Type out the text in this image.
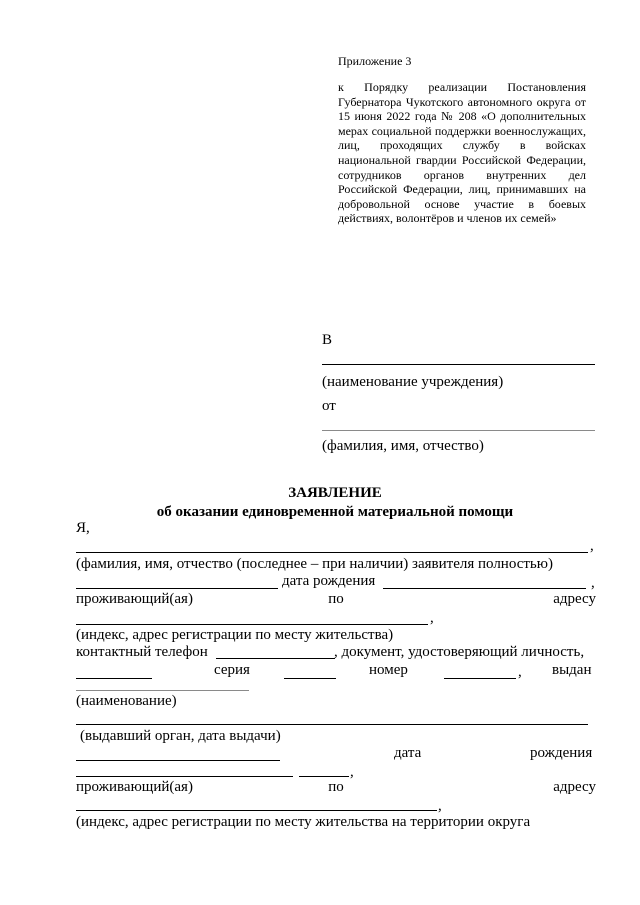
Приложение 3
к Порядку реализации Постановления Губернатора Чукотского автономного округа от 15 июня 2022 года № 208 «О дополнительных мерах социальной поддержки военнослужащих, лиц, проходящих службу в войсках национальной гвардии Российской Федерации, сотрудников органов внутренних дел Российской Федерации, лиц, принимавших на добровольной основе участие в боевых действиях, волонтёров и членов их семей»
В
(наименование учреждения)
от
(фамилия, имя, отчество)
ЗАЯВЛЕНИЕ
об оказании единовременной материальной помощи
Я,
,
(фамилия, имя, отчество (последнее – при наличии) заявителя полностью)
дата рождения	,
проживающий(ая)	по	адресу
,
(индекс, адрес регистрации по месту жительства)
контактный телефон	, документ, удостоверяющий личность,
серия	номер	, выдан
(наименование)
(выдавший орган, дата выдачи)
дата	рождения
,
проживающий(ая)	по	адресу
,
(индекс, адрес регистрации по месту жительства на территории округа
